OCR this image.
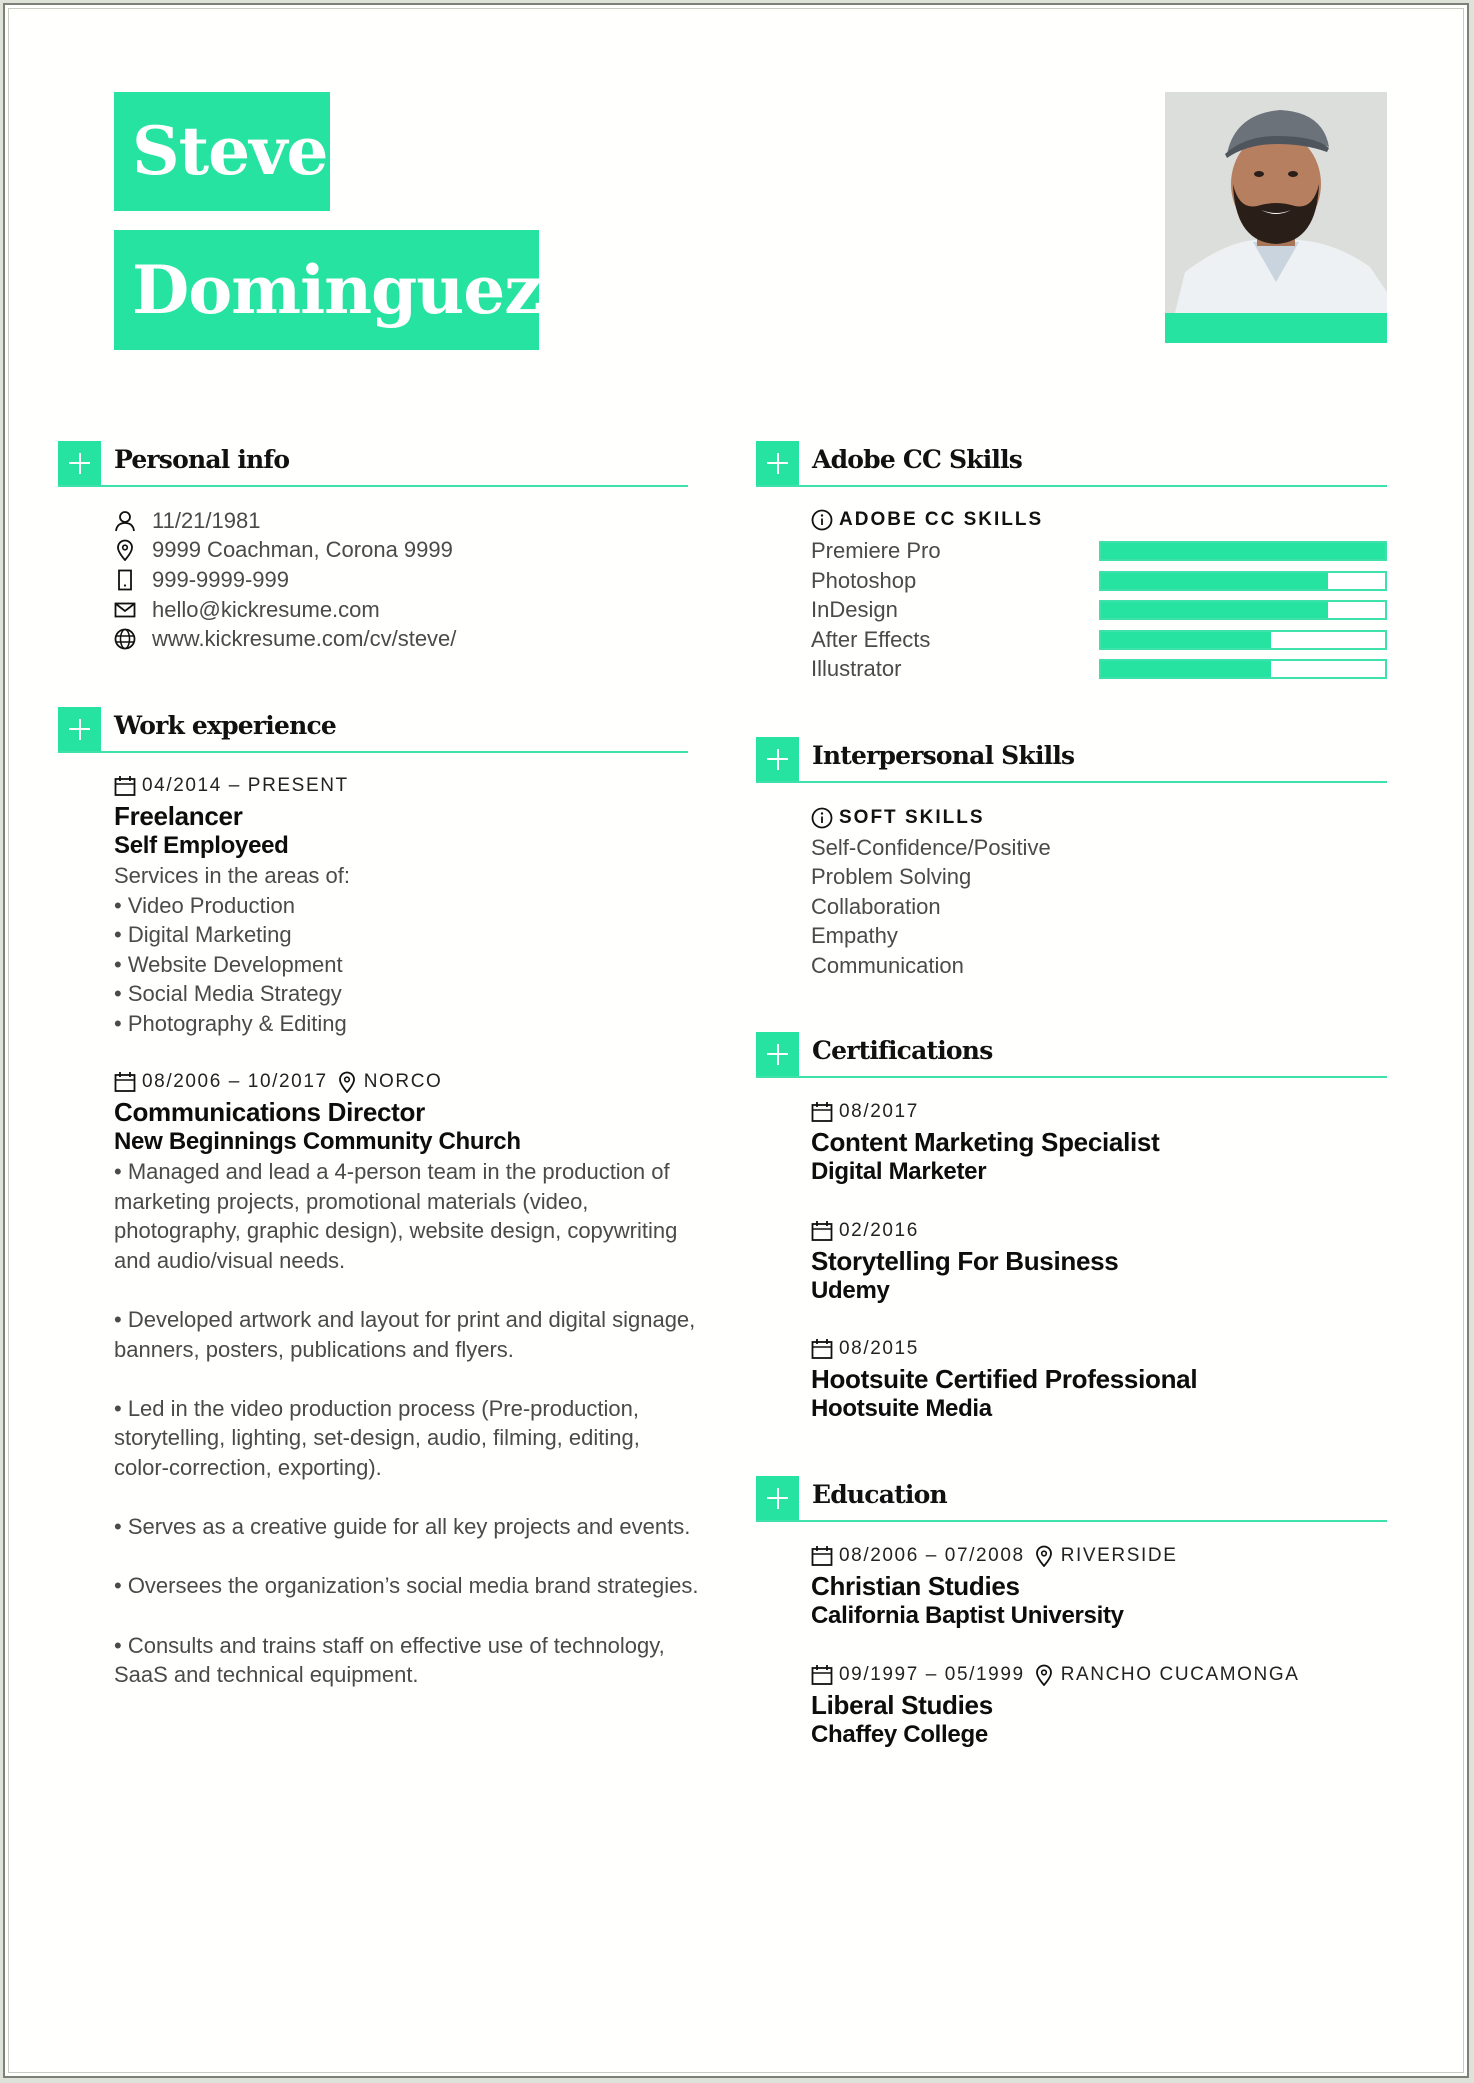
Steve
Dominguez
Personal info
11/21/1981
9999 Coachman, Corona 9999
999-9999-999
hello@kickresume.com
www.kickresume.com/cv/steve/
Work experience
04/2014 – PRESENT
Freelancer
Self Employeed
Services in the areas of:
• Video Production
• Digital Marketing
• Website Development
• Social Media Strategy
• Photography & Editing
08/2006 – 10/2017 NORCO
Communications Director
New Beginnings Community Church
• Managed and lead a 4-person team in the production of marketing projects, promotional materials (video, photography, graphic design), website design, copywriting and audio/visual needs.
• Developed artwork and layout for print and digital signage, banners, posters, publications and flyers.
• Led in the video production process (Pre-production, storytelling, lighting, set-design, audio, filming, editing, color-correction, exporting).
• Serves as a creative guide for all key projects and events.
• Oversees the organization’s social media brand strategies.
• Consults and trains staff on effective use of technology, SaaS and technical equipment.
Adobe CC Skills
ADOBE CC SKILLS
Premiere Pro
Photoshop
InDesign
After Effects
Illustrator
Interpersonal Skills
SOFT SKILLS
Self-Confidence/Positive
Problem Solving
Collaboration
Empathy
Communication
Certifications
08/2017
Content Marketing Specialist
Digital Marketer
02/2016
Storytelling For Business
Udemy
08/2015
Hootsuite Certified Professional
Hootsuite Media
Education
08/2006 – 07/2008 RIVERSIDE
Christian Studies
California Baptist University
09/1997 – 05/1999 RANCHO CUCAMONGA
Liberal Studies
Chaffey College
